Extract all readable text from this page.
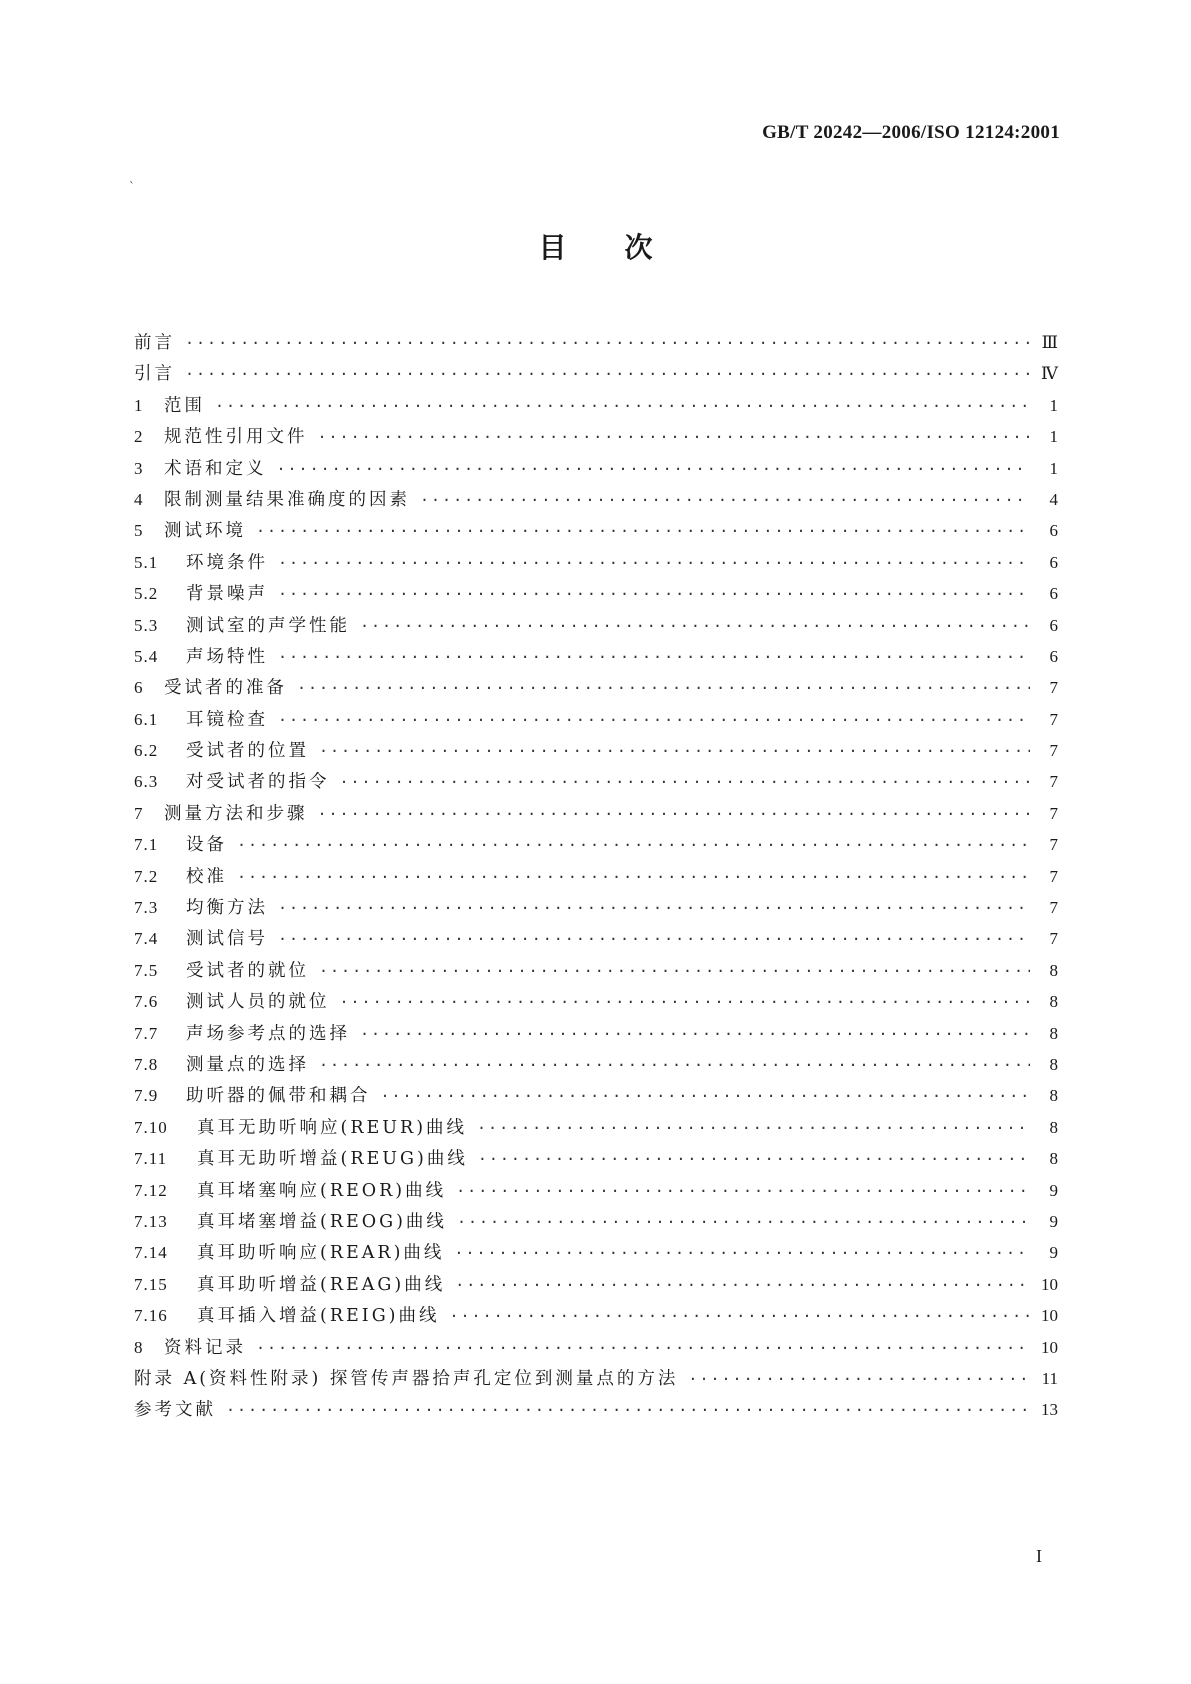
GB/T 20242—2006/ISO 12124:2001
`
目次
前言 ·····	Ⅲ
引言 ·····	Ⅳ
1	范围 ·····	1
2	规范性引用文件 ·····	1
3	术语和定义 ·····	1
4	限制测量结果准确度的因素 ·····	4
5	测试环境 ·····	6
5.1	环境条件 ·····	6
5.2	背景噪声 ·····	6
5.3	测试室的声学性能 ·····	6
5.4	声场特性 ·····	6
6	受试者的准备 ·····	7
6.1	耳镜检查 ·····	7
6.2	受试者的位置 ·····	7
6.3	对受试者的指令 ·····	7
7	测量方法和步骤 ·····	7
7.1	设备 ·····	7
7.2	校准 ·····	7
7.3	均衡方法 ·····	7
7.4	测试信号 ·····	7
7.5	受试者的就位 ·····	8
7.6	测试人员的就位 ·····	8
7.7	声场参考点的选择 ·····	8
7.8	测量点的选择 ·····	8
7.9	助听器的佩带和耦合 ·····	8
7.10	真耳无助听响应(REUR)曲线 ·····	8
7.11	真耳无助听增益(REUG)曲线 ·····	8
7.12	真耳堵塞响应(REOR)曲线 ·····	9
7.13	真耳堵塞增益(REOG)曲线 ·····	9
7.14	真耳助听响应(REAR)曲线 ·····	9
7.15	真耳助听增益(REAG)曲线 ·····	10
7.16	真耳插入增益(REIG)曲线 ·····	10
8	资料记录 ·····	10
附录 A(资料性附录) 探管传声器拾声孔定位到测量点的方法 ·····	11
参考文献 ·····	13
I
